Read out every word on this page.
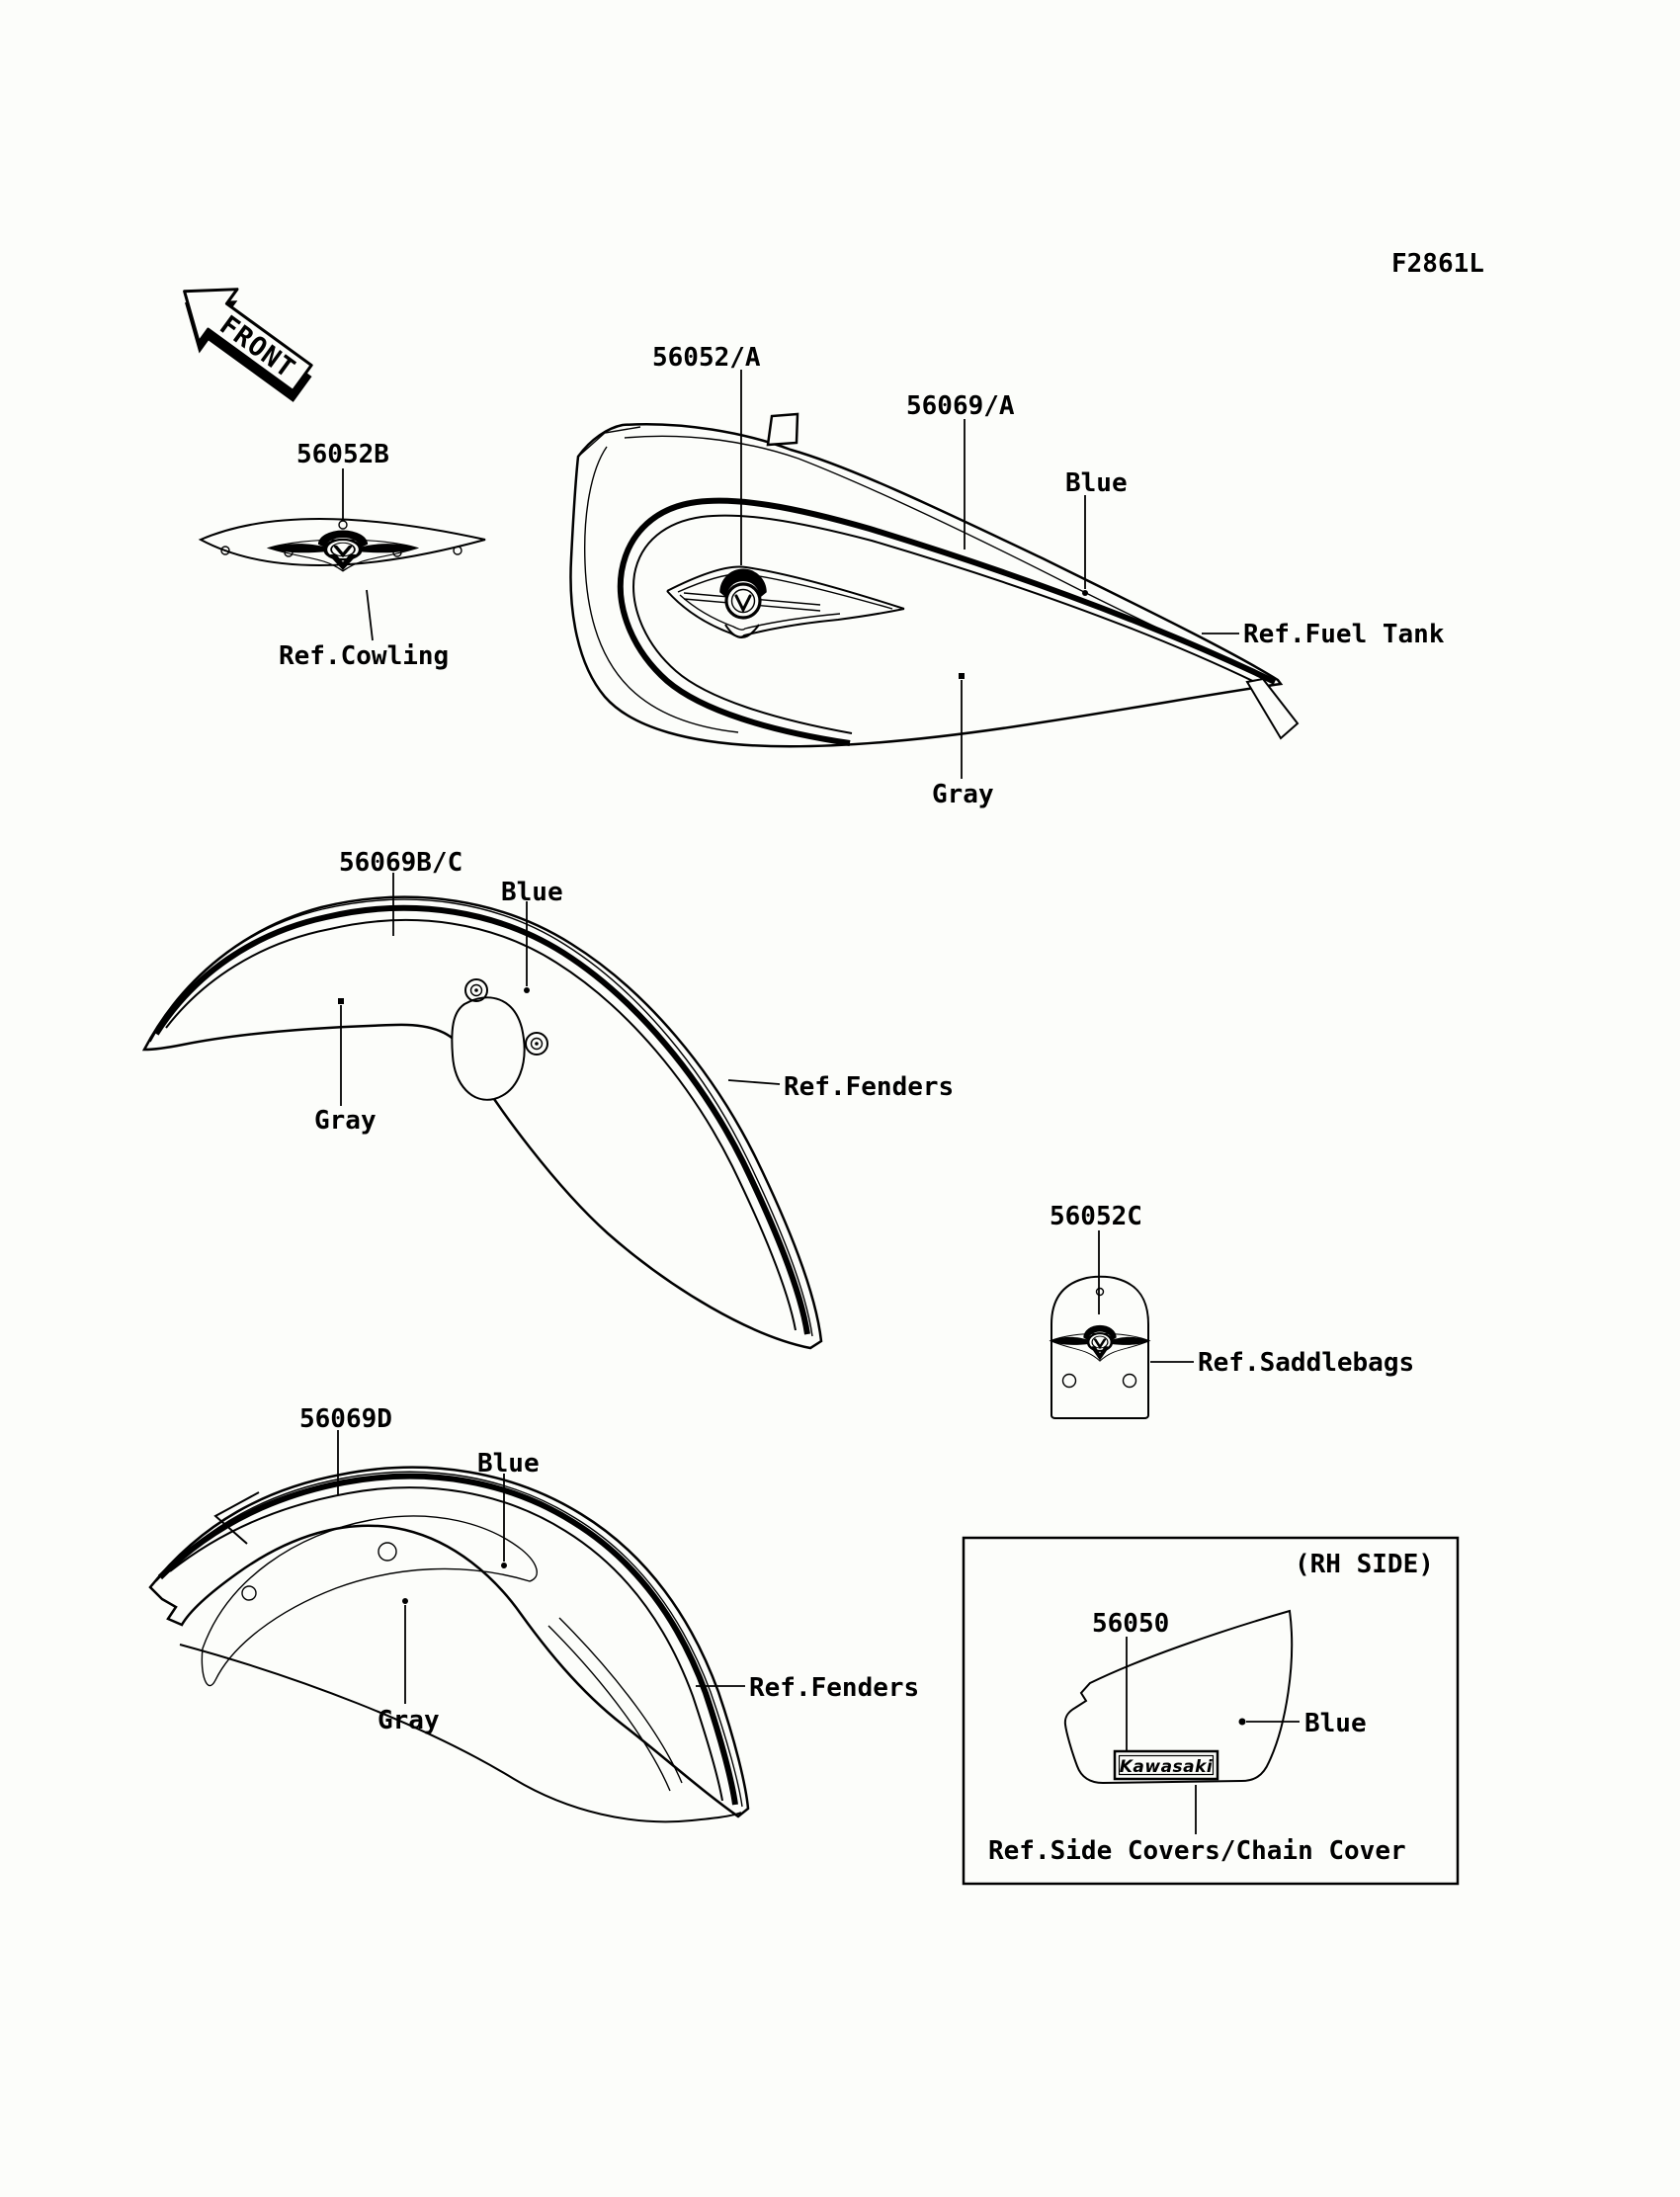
FRONT
Kawasaki
F2861L
56052B
Ref.Cowling
56052/A
56069/A
Blue
Ref.Fuel Tank
Gray
56069B/C
Blue
Gray
Ref.Fenders
56052C
Ref.Saddlebags
56069D
Blue
Gray
Ref.Fenders
(RH SIDE)
56050
Blue
Ref.Side Covers/Chain Cover
